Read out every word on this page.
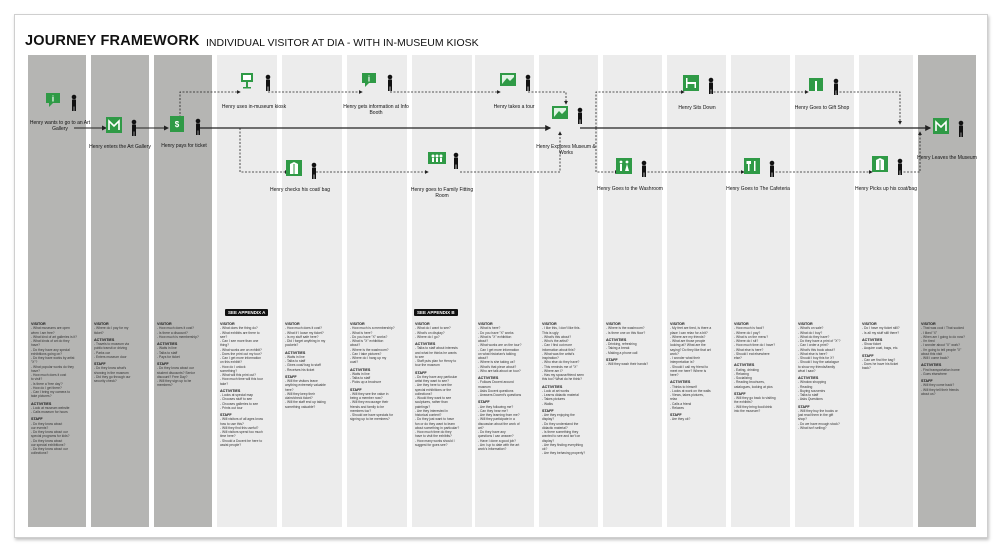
VISITOR
- What museums are open
when I am free?
- What kind of art galleries is it?
- What kinds of art do they
have?
- Do they have any special
exhibitions going on?
- Do they have works by artist
"X"?
- What popular works do they
have?
- How much does it cost
to visit?
- Is there a 'free day'?
- How do I get there?
- Can I bring my camera to
take pictures?
ACTIVITIES
- Look at museum website
- Calls museum for hours
STAFF
- Do they know about
our events?
- Do they know about our
special programs for kids?
- Do they know about
our special exhibitions?
- Do they know about our
collections?
VISITOR
- Where do I pay for my
ticket?
ACTIVITIES
- Travels to museum via
public transit or driving
- Parks car
- Enters museum door
STAFF
- Do they know what's
showing in the museum
- Did they go through our
security check?
VISITOR
- How much does it cost?
- Is there a discount?
- How much is membership?
ACTIVITIES
- Waits in line
- Talks to staff
- Pays for ticket
STAFF
- Do they know about our
student discounts? Senior
discount? Free Day?
- Will they sign up to be
members?
VISITOR
- What does the thing do?
- What exhibits are there to
see?
- Can I see more than one
thing?
- What works are on exhibit?
- Does the print out my tour?
- Can I get more information
on this exhibit?
- How do I unlock
something?
- What will this print out?
- How much time will this tour
take?
ACTIVITIES
- Looks at special map
- Chooses stuff to see
- Chooses galleries to see
- Prints out tour
STAFF
- Will visitors of all ages know
how to use this?
- Will they find this useful?
- Will visitors spend too much
time here?
- Should a Docent be here to
assist people?
VISITOR
- How much does it cost?
- What if I loose my ticket?
- Is my stuff safe here?
- Did I forget anything in my
pockets?
ACTIVITIES
- Waits in line
- Talks to staff
- Gives coat/ bag to staff
- Receives his ticket
STAFF
- Will the visitors leave
anything extremely valuable
here?
- Will they keep their
claim/check ticket?
- Will the staff end up taking
something valuable?
VISITOR
- How much is a membership?
- What is here?
- Do you have "X" works?
- What is "X" exhibition
about?
- Where is the washroom?
- Can I take pictures?
- Where do I hang up my
coat?
ACTIVITIES
- Waits in line
- Talks to staff
- Picks up a brochure
STAFF
- Will they see the value in
being a member now?
- Will they encourage their
friends and family to be
members too?
- Should we have specials for
signing up to be members?
VISITOR
- What do I want to see?
- What's on display?
- Where do I go?
ACTIVITIES
- Talks to staff about interests
and what he thinks he wants
to see
- Staff puts plan for Henry to
tour the museum
STAFF
- Do they have any particular
artist they want to see?
- Are they here to see the
special exhibitions or the
collections?
- Would they want to see
sculptures, rather than
paintings?
- Are they interested in
historical context?
- Do they just want to have
fun or do they want to learn
about something in particular?
- How much time do they
have to visit the exhibits?
- How many works should I
suggest for goes see?
VISITOR
- What is here?
- Do you have "X" works
- What is "X" exhibition
about?
- What works are on the tour?
- Can I get more information
on what historian's talking
about?
- Where is she taking us?
- What's that piece about?
- Who are talk about on tour?
ACTIVITIES
- Follows Docent around
museum
- Asks Docent questions
- Answers Docent's questions
STAFF
- Are they following me?
- Can they hear me?
- Are they learning from me?
- Will they participate in a
discussion about the work of
art?
- Do they have any
questions I can answer?
- Have I done a good job?
- Am I up to date with the art
work's information?
VISITOR
- I like this, I don't like this.
This is ugly
- What's this about?
- Who's the artist?
- Can I find out more
information about this?
- What was the artist's
inspiration?
- Who else do they have?
- This reminds me of "X"
- Where am I?
- Has my spouse/friend seen
this too? What do he think?
ACTIVITIES
- Look at art works
- Learns didactic material
- Takes pictures
- Walks
STAFF
- Are they enjoying the
display?
- Do they understand the
didactic material?
- Is there something they
wanted to see and isn't on
display?
- Are they finding everything
ok?
- Are they behaving properly?
VISITOR
- Where is the washroom?
- Is there one on this floor?
ACTIVITIES
- Drinking, refreshing
- Taking a break
- Making a phone call
STAFF
- Will they wash their hands?
VISITOR
- My feet are tired, is there a
place I can relax for a bit?
- Where are my friends?
- What are those people
looking at? What are the
saying? Do they like that art
work?
- I wonder what their
interpretation is?
- Should I call my friend to
meet me here? Where is
here?
ACTIVITIES
- Thinks to himself
- Looks at work on the walls
- Views, takes pictures,
relax
- Calls a friend
- Relaxes
STAFF
- Are they ok?
VISITOR
- How much is food?
- Where do I pay?
- What is on the menu?
- Where do I sit?
- How much time do I have?
- What else is here?
- Should I eat elsewhere
else?
ACTIVITIES
- Eating, drinking
- Relaxing
- Socializing
- Reading brochures,
catalogues, looking at pics
STAFF
- Will they go back to visiting
the exhibits?
- Will they bring food/drink
into the museum?
VISITOR
- What's on sale?
- What do I buy?
- What do they have?
- Do they have a print of "X"?
- Can I order a print?
- What's this book about?
- What else is here?
- Should I buy this for X?
- Should I buy the catalogue
to show my friends/family
what I saw?
ACTIVITIES
- Window shopping
- Reading
- Buying souvenirs
- Talks to staff
- Asks Questions
STAFF
- Will they buy the books or
just read them in the gift
shop?
- Do we have enough stock?
- What isn't selling?
VISITOR
- Do I have my ticket still?
- Is all my stuff still there?
ACTIVITIES
- Show ticket
- Acquire coat, bags, etc.
STAFF
- Can we find the bag?
- Does he have his ticket
back?
VISITOR
- That was cool / That sucked
- I liked "X"
- When am I going to do now?
- I'm tired
- I wonder about "X" work?
- I'm going to tell people "X"
about this visit
- Will I come back?
ACTIVITIES
- Find transportation home
- Goes elsewhere
STAFF
- Will they come back?
- Will they tell their friends
about us?
JOURNEY FRAMEWORK INDIVIDUAL VISITOR AT DIA - WITH IN-MUSEUM KIOSK
i
Henry wants to go to an Art Gallery
Henry enters the Art Gallery
$
Henry pays for ticket
Henry uses in-museum kiosk
Henry checks his coat/ bag
i
Henry gets information at Info Booth
Henry goes to Family Fitting Room
Henry takes a tour
Henry Explores Museum & Works
Henry Goes to the Washroom
Henry Sits Down
Henry Goes to The Cafeteria
Henry Goes to Gift Shop
Henry Picks up his coat/bag
Henry Leaves the Museum
SEE APPENDIX A	SEE APPENDIX B
